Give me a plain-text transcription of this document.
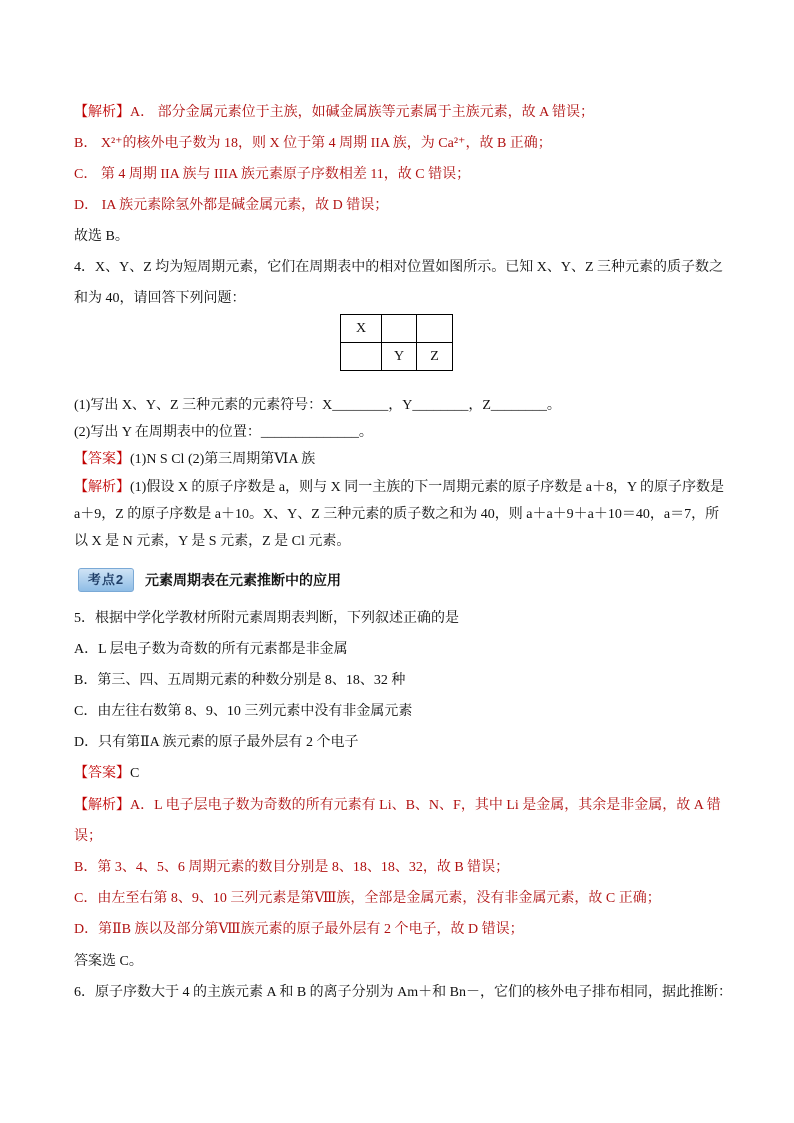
【解析】A． 部分金属元素位于主族，如碱金属族等元素属于主族元素，故 A 错误；
B． X²⁺的核外电子数为 18，则 X 位于第 4 周期 IIA 族，为 Ca²⁺，故 B 正确；
C． 第 4 周期 IIA 族与 IIIA 族元素原子序数相差 11，故 C 错误；
D． IA 族元素除氢外都是碱金属元素，故 D 错误；
故选 B。
4．X、Y、Z 均为短周期元素，它们在周期表中的相对位置如图所示。已知 X、Y、Z 三种元素的质子数之
和为 40，请回答下列问题：
X		
	Y	Z
(1)写出 X、Y、Z 三种元素的元素符号：X________，Y________，Z________。
(2)写出 Y 在周期表中的位置：______________。
【答案】(1)N S Cl (2)第三周期第ⅥA 族
【解析】(1)假设 X 的原子序数是 a，则与 X 同一主族的下一周期元素的原子序数是 a＋8，Y 的原子序数是
a＋9，Z 的原子序数是 a＋10。X、Y、Z 三种元素的质子数之和为 40，则 a＋a＋9＋a＋10＝40，a＝7，所
以 X 是 N 元素，Y 是 S 元素，Z 是 Cl 元素。
考点2	元素周期表在元素推断中的应用
5．根据中学化学教材所附元素周期表判断，下列叙述正确的是
A．L 层电子数为奇数的所有元素都是非金属
B．第三、四、五周期元素的种数分别是 8、18、32 种
C．由左往右数第 8、9、10 三列元素中没有非金属元素
D．只有第ⅡA 族元素的原子最外层有 2 个电子
【答案】C
【解析】A．L 电子层电子数为奇数的所有元素有 Li、B、N、F，其中 Li 是金属，其余是非金属，故 A 错
误；
B．第 3、4、5、6 周期元素的数目分别是 8、18、18、32，故 B 错误；
C．由左至右第 8、9、10 三列元素是第Ⅷ族，全部是金属元素，没有非金属元素，故 C 正确；
D．第ⅡB 族以及部分第Ⅷ族元素的原子最外层有 2 个电子，故 D 错误；
答案选 C。
6．原子序数大于 4 的主族元素 A 和 B 的离子分别为 Am＋和 Bn－，它们的核外电子排布相同，据此推断：
